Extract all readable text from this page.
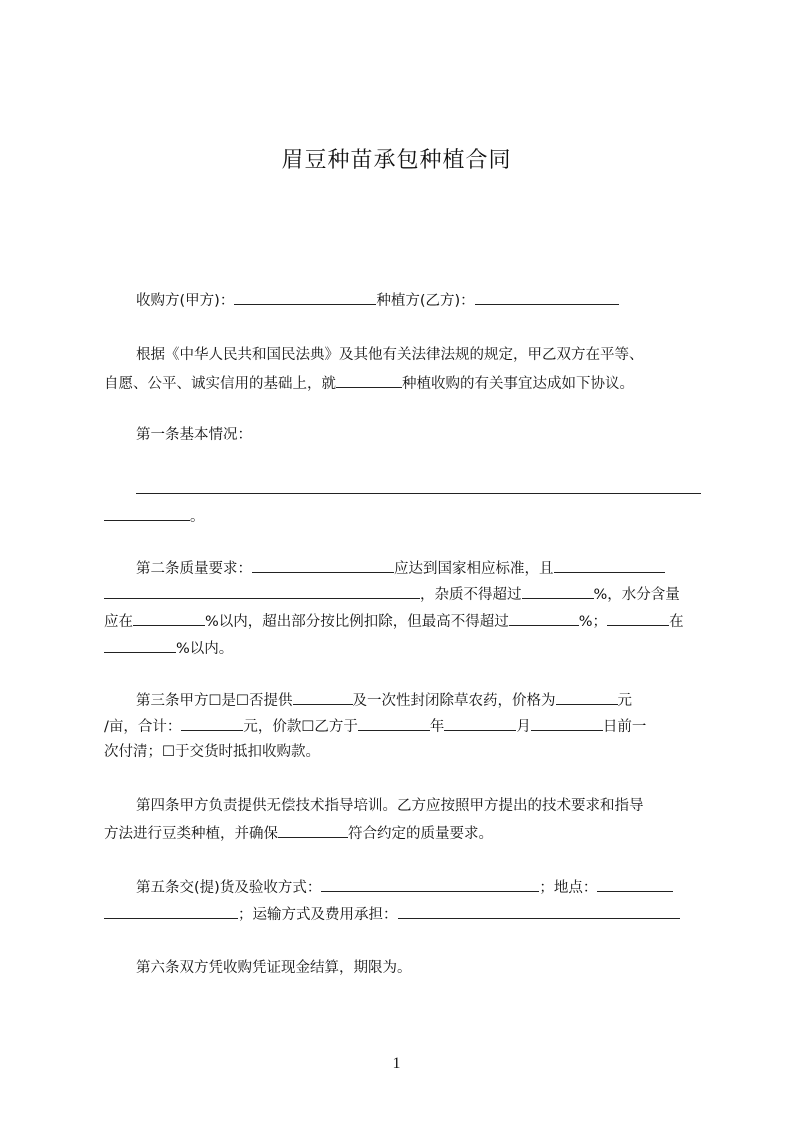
眉豆种苗承包种植合同
收购方(甲方)：	种植方(乙方)：
根据《中华人民共和国民法典》及其他有关法律法规的规定，甲乙双方在平等、
自愿、公平、诚实信用的基础上，就	种植收购的有关事宜达成如下协议。
第一条基本情况：
。
第二条质量要求：	应达到国家相应标准，且
，杂质不得超过	%，水分含量
应在	%以内，超出部分按比例扣除，但最高不得超过	%；	在
%以内。
第三条甲方☐是☐否提供	及一次性封闭除草农药，价格为	元
/亩，合计：	元，价款☐乙方于	年	月	日前一
次付清；☐于交货时抵扣收购款。
第四条甲方负责提供无偿技术指导培训。乙方应按照甲方提出的技术要求和指导
方法进行豆类种植，并确保	符合约定的质量要求。
第五条交(提)货及验收方式：	；地点：
；运输方式及费用承担：
第六条双方凭收购凭证现金结算，期限为。
1
